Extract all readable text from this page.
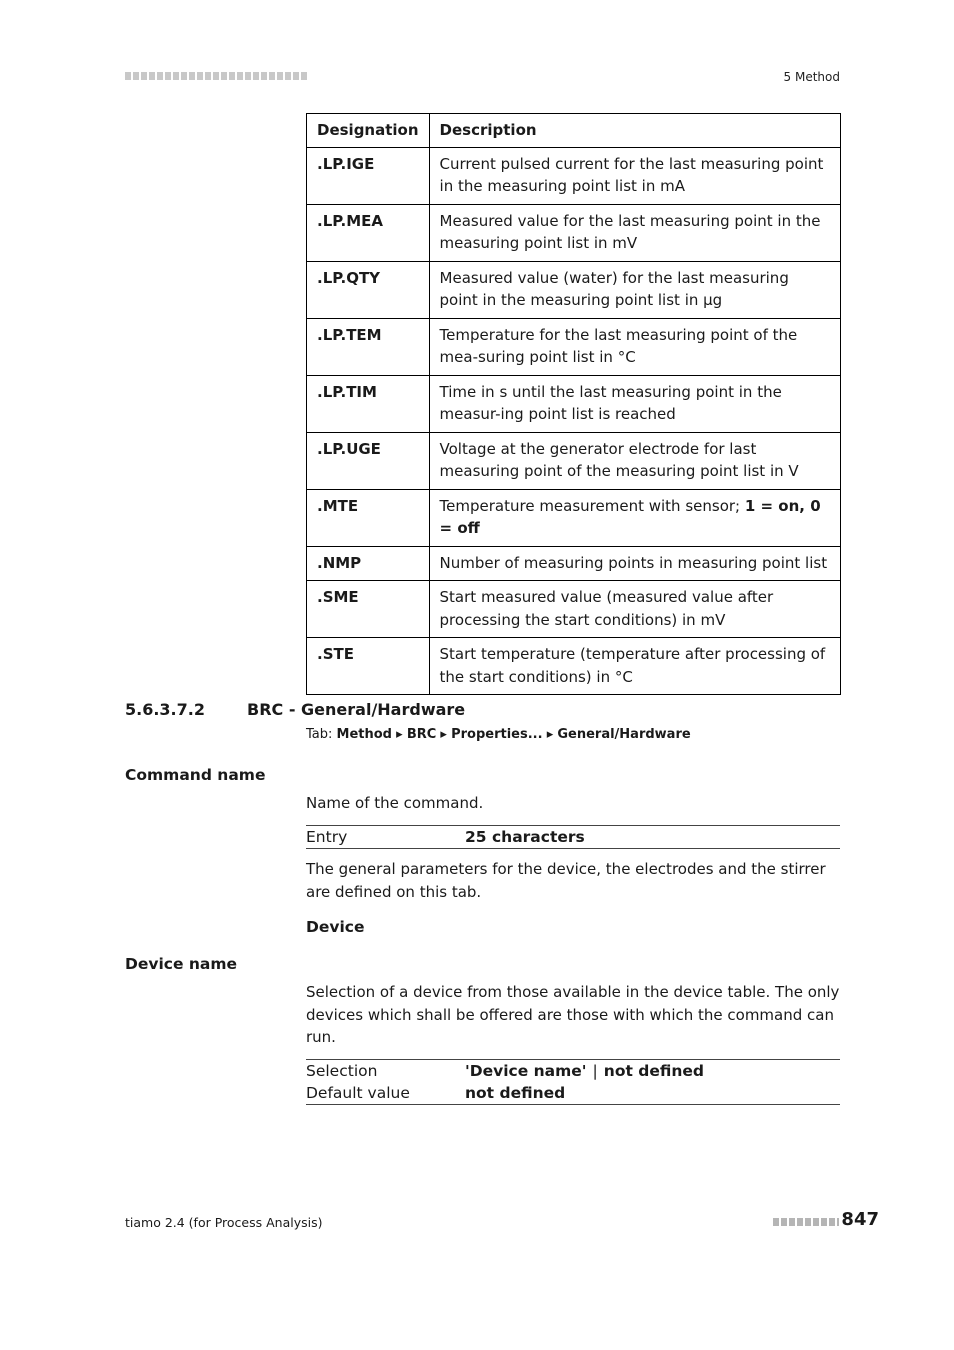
5 Method
Designation	Description
.LP.IGE	Current pulsed current for the last measuring point in the measuring point list in mA
.LP.MEA	Measured value for the last measuring point in the measuring point list in mV
.LP.QTY	Measured value (water) for the last measuring point in the measuring point list in µg
.LP.TEM	Temperature for the last measuring point of the mea-suring point list in °C
.LP.TIM	Time in s until the last measuring point in the measur-ing point list is reached
.LP.UGE	Voltage at the generator electrode for last measuring point of the measuring point list in V
.MTE	Temperature measurement with sensor; 1 = on, 0 = off
.NMP	Number of measuring points in measuring point list
.SME	Start measured value (measured value after processing the start conditions) in mV
.STE	Start temperature (temperature after processing of the start conditions) in °C
5.6.3.7.2	BRC - General/Hardware
Tab: Method ▸ BRC ▸ Properties... ▸ General/Hardware
Command name
Name of the command.
Entry	25 characters
The general parameters for the device, the electrodes and the stirrer are defined on this tab.
Device
Device name
Selection of a device from those available in the device table. The only devices which shall be offered are those with which the command can run.
Selection	'Device name' | not defined
Default value	not defined
tiamo 2.4 (for Process Analysis)	847
